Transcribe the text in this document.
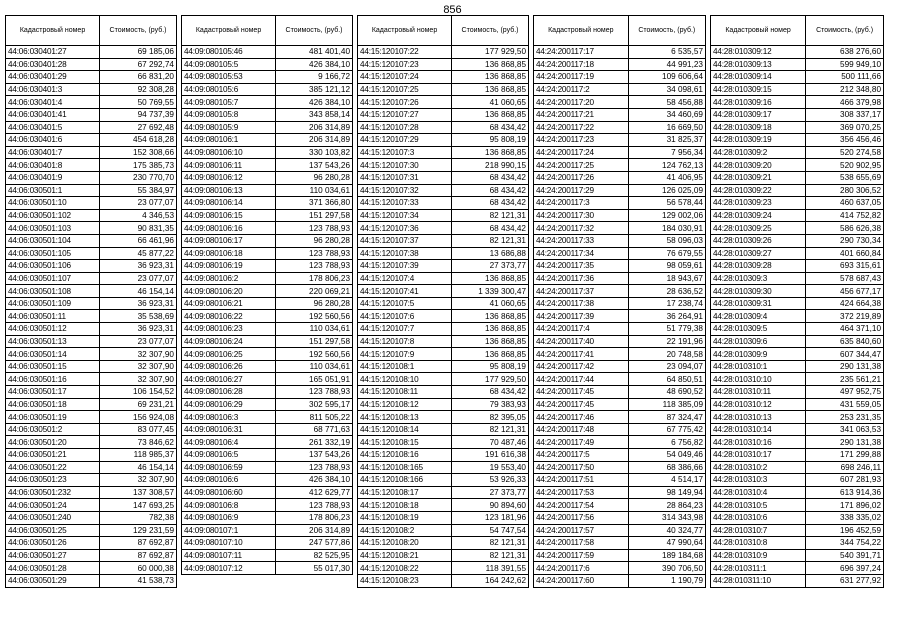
856
Кадастровый номер	Стоимость, (руб.)
44:06:030401:27	69 185,06
44:06:030401:28	67 292,74
44:06:030401:29	66 831,20
44:06:030401:3	92 308,28
44:06:030401:4	50 769,55
44:06:030401:41	94 737,39
44:06:030401:5	27 692,48
44:06:030401:6	454 618,28
44:06:030401:7	152 308,66
44:06:030401:8	175 385,73
44:06:030401:9	230 770,70
44:06:030501:1	55 384,97
44:06:030501:10	23 077,07
44:06:030501:102	4 346,53
44:06:030501:103	90 831,35
44:06:030501:104	66 461,96
44:06:030501:105	45 877,22
44:06:030501:106	36 923,31
44:06:030501:107	23 077,07
44:06:030501:108	46 154,14
44:06:030501:109	36 923,31
44:06:030501:11	35 538,69
44:06:030501:12	36 923,31
44:06:030501:13	23 077,07
44:06:030501:14	32 307,90
44:06:030501:15	32 307,90
44:06:030501:16	32 307,90
44:06:030501:17	106 154,52
44:06:030501:18	69 231,21
44:06:030501:19	156 924,08
44:06:030501:2	83 077,45
44:06:030501:20	73 846,62
44:06:030501:21	118 985,37
44:06:030501:22	46 154,14
44:06:030501:23	32 307,90
44:06:030501:232	137 308,57
44:06:030501:24	147 693,25
44:06:030501:240	782,38
44:06:030501:25	129 231,59
44:06:030501:26	87 692,87
44:06:030501:27	87 692,87
44:06:030501:28	60 000,38
44:06:030501:29	41 538,73
Кадастровый номер	Стоимость, (руб.)
44:09:080105:46	481 401,40
44:09:080105:5	426 384,10
44:09:080105:53	9 166,72
44:09:080105:6	385 121,12
44:09:080105:7	426 384,10
44:09:080105:8	343 858,14
44:09:080105:9	206 314,89
44:09:080106:1	206 314,89
44:09:080106:10	330 103,82
44:09:080106:11	137 543,26
44:09:080106:12	96 280,28
44:09:080106:13	110 034,61
44:09:080106:14	371 366,80
44:09:080106:15	151 297,58
44:09:080106:16	123 788,93
44:09:080106:17	96 280,28
44:09:080106:18	123 788,93
44:09:080106:19	123 788,93
44:09:080106:2	178 806,23
44:09:080106:20	220 069,21
44:09:080106:21	96 280,28
44:09:080106:22	192 560,56
44:09:080106:23	110 034,61
44:09:080106:24	151 297,58
44:09:080106:25	192 560,56
44:09:080106:26	110 034,61
44:09:080106:27	165 051,91
44:09:080106:28	123 788,93
44:09:080106:29	302 595,17
44:09:080106:3	811 505,22
44:09:080106:31	68 771,63
44:09:080106:4	261 332,19
44:09:080106:5	137 543,26
44:09:080106:59	123 788,93
44:09:080106:6	426 384,10
44:09:080106:60	412 629,77
44:09:080106:8	123 788,93
44:09:080106:9	178 806,23
44:09:080107:1	206 314,89
44:09:080107:10	247 577,86
44:09:080107:11	82 525,95
44:09:080107:12	55 017,30
Кадастровый номер	Стоимость, (руб.)
44:15:120107:22	177 929,50
44:15:120107:23	136 868,85
44:15:120107:24	136 868,85
44:15:120107:25	136 868,85
44:15:120107:26	41 060,65
44:15:120107:27	136 868,85
44:15:120107:28	68 434,42
44:15:120107:29	95 808,19
44:15:120107:3	136 868,85
44:15:120107:30	218 990,15
44:15:120107:31	68 434,42
44:15:120107:32	68 434,42
44:15:120107:33	68 434,42
44:15:120107:34	82 121,31
44:15:120107:36	68 434,42
44:15:120107:37	82 121,31
44:15:120107:38	13 686,88
44:15:120107:39	27 373,77
44:15:120107:4	136 868,85
44:15:120107:41	1 339 300,47
44:15:120107:5	41 060,65
44:15:120107:6	136 868,85
44:15:120107:7	136 868,85
44:15:120107:8	136 868,85
44:15:120107:9	136 868,85
44:15:120108:1	95 808,19
44:15:120108:10	177 929,50
44:15:120108:11	68 434,42
44:15:120108:12	79 383,93
44:15:120108:13	82 395,05
44:15:120108:14	82 121,31
44:15:120108:15	70 487,46
44:15:120108:16	191 616,38
44:15:120108:165	19 553,40
44:15:120108:166	53 926,33
44:15:120108:17	27 373,77
44:15:120108:18	90 894,60
44:15:120108:19	123 181,96
44:15:120108:2	54 747,54
44:15:120108:20	82 121,31
44:15:120108:21	82 121,31
44:15:120108:22	118 391,55
44:15:120108:23	164 242,62
Кадастровый номер	Стоимость, (руб.)
44:24:200117:17	6 535,57
44:24:200117:18	44 991,23
44:24:200117:19	109 606,64
44:24:200117:2	34 098,61
44:24:200117:20	58 456,88
44:24:200117:21	34 460,69
44:24:200117:22	16 669,50
44:24:200117:23	31 825,37
44:24:200117:24	7 956,34
44:24:200117:25	124 762,13
44:24:200117:26	41 406,95
44:24:200117:29	126 025,09
44:24:200117:3	56 578,44
44:24:200117:30	129 002,06
44:24:200117:32	184 030,91
44:24:200117:33	58 096,03
44:24:200117:34	76 679,55
44:24:200117:35	98 059,61
44:24:200117:36	18 943,67
44:24:200117:37	28 636,52
44:24:200117:38	17 238,74
44:24:200117:39	36 264,91
44:24:200117:4	51 779,38
44:24:200117:40	22 191,96
44:24:200117:41	20 748,58
44:24:200117:42	23 094,07
44:24:200117:44	64 850,51
44:24:200117:45	48 690,52
44:24:200117:45	118 385,09
44:24:200117:46	87 324,47
44:24:200117:48	67 775,42
44:24:200117:49	6 756,82
44:24:200117:5	54 049,46
44:24:200117:50	68 386,66
44:24:200117:51	4 514,17
44:24:200117:53	98 149,94
44:24:200117:54	28 864,23
44:24:200117:56	314 343,98
44:24:200117:57	40 324,77
44:24:200117:58	47 990,64
44:24:200117:59	189 184,68
44:24:200117:6	390 706,50
44:24:200117:60	1 190,79
Кадастровый номер	Стоимость, (руб.)
44:28:010309:12	638 276,60
44:28:010309:13	599 949,10
44:28:010309:14	500 111,66
44:28:010309:15	212 348,80
44:28:010309:16	466 379,98
44:28:010309:17	308 337,17
44:28:010309:18	369 070,25
44:28:010309:19	356 456,46
44:28:010309:2	520 274,58
44:28:010309:20	520 902,95
44:28:010309:21	538 655,69
44:28:010309:22	280 306,52
44:28:010309:23	460 637,05
44:28:010309:24	414 752,82
44:28:010309:25	586 626,38
44:28:010309:26	290 730,34
44:28:010309:27	401 660,84
44:28:010309:28	693 315,61
44:28:010309:3	578 687,43
44:28:010309:30	456 677,17
44:28:010309:31	424 664,38
44:28:010309:4	372 219,89
44:28:010309:5	464 371,10
44:28:010309:6	635 840,60
44:28:010309:9	607 344,47
44:28:010310:1	290 131,38
44:28:010310:10	235 561,21
44:28:010310:11	497 952,75
44:28:010310:12	431 559,05
44:28:010310:13	253 231,35
44:28:010310:14	341 063,53
44:28:010310:16	290 131,38
44:28:010310:17	171 299,88
44:28:010310:2	698 246,11
44:28:010310:3	607 281,93
44:28:010310:4	613 914,36
44:28:010310:5	171 896,02
44:28:010310:6	338 335,02
44:28:010310:7	196 452,59
44:28:010310:8	344 754,22
44:28:010310:9	540 391,71
44:28:010311:1	696 397,24
44:28:010311:10	631 277,92
